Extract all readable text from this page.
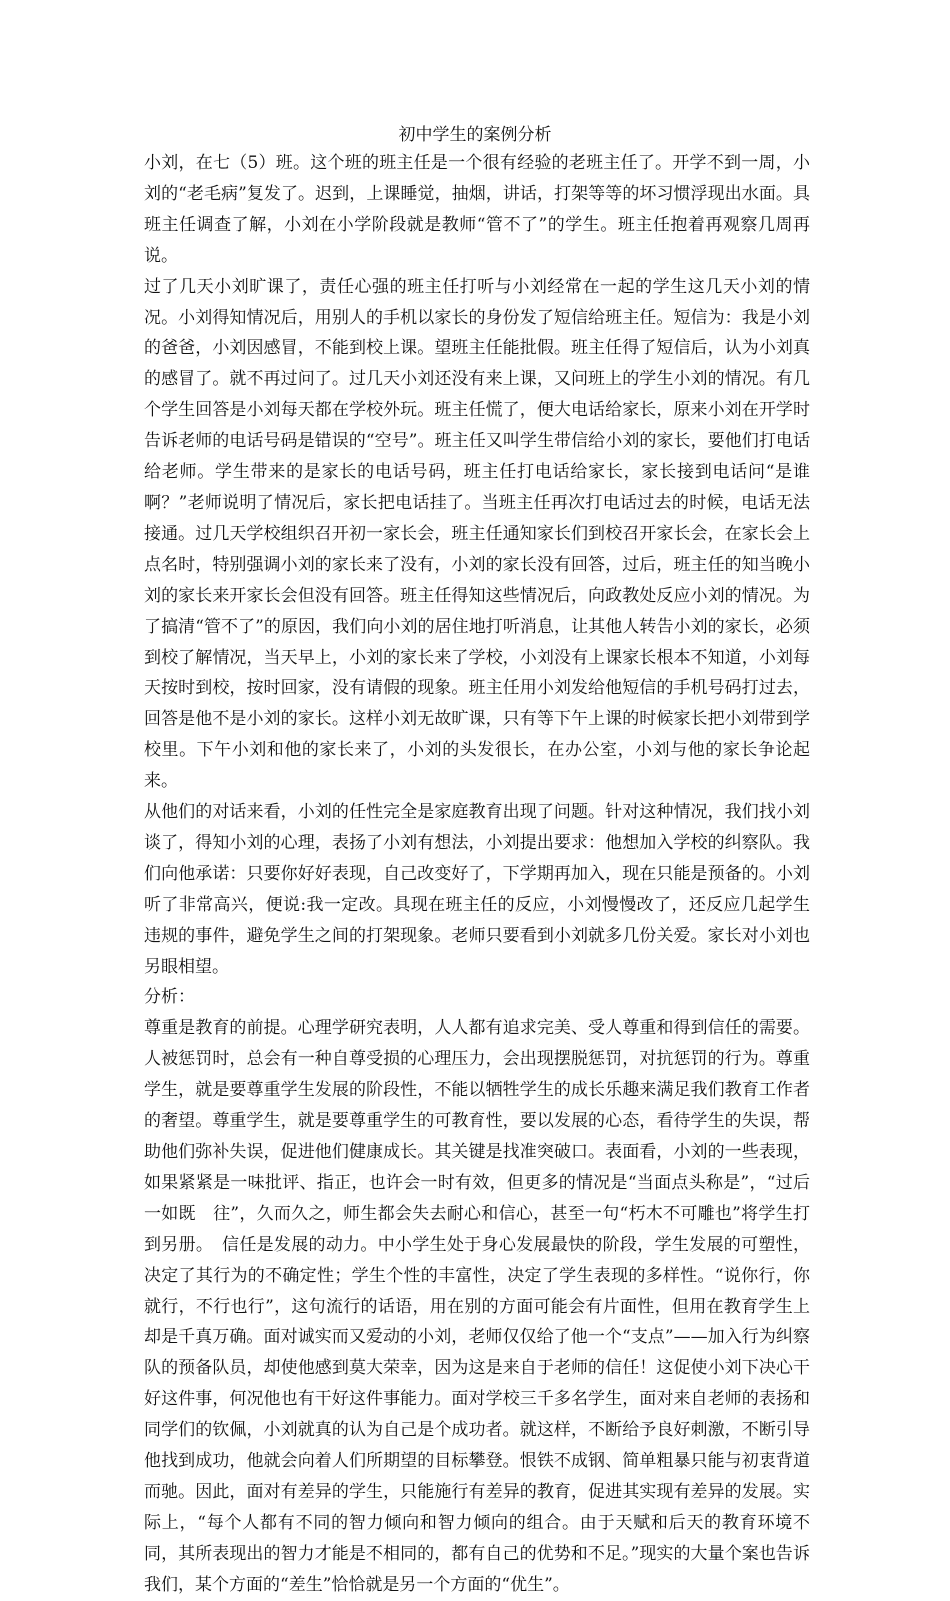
初中学生的案例分析

小刘，在七（5）班。这个班的班主任是一个很有经验的老班主任了。开学不到一周，小刘的“老毛病”复发了。迟到，上课睡觉，抽烟，讲话，打架等等的坏习惯浮现出水面。具班主任调查了解，小刘在小学阶段就是教师“管不了”的学生。班主任抱着再观察几周再说。

过了几天小刘旷课了，责任心强的班主任打听与小刘经常在一起的学生这几天小刘的情况。小刘得知情况后，用别人的手机以家长的身份发了短信给班主任。短信为：我是小刘的爸爸，小刘因感冒，不能到校上课。望班主任能批假。班主任得了短信后，认为小刘真的感冒了。就不再过问了。过几天小刘还没有来上课，又问班上的学生小刘的情况。有几个学生回答是小刘每天都在学校外玩。班主任慌了，便大电话给家长，原来小刘在开学时告诉老师的电话号码是错误的“空号”。班主任又叫学生带信给小刘的家长，要他们打电话给老师。学生带来的是家长的电话号码，班主任打电话给家长，家长接到电话问“是谁啊？”老师说明了情况后，家长把电话挂了。当班主任再次打电话过去的时候，电话无法接通。过几天学校组织召开初一家长会，班主任通知家长们到校召开家长会，在家长会上点名时，特别强调小刘的家长来了没有，小刘的家长没有回答，过后，班主任的知当晚小刘的家长来开家长会但没有回答。班主任得知这些情况后，向政教处反应小刘的情况。为了搞清“管不了”的原因，我们向小刘的居住地打听消息，让其他人转告小刘的家长，必须到校了解情况，当天早上，小刘的家长来了学校，小刘没有上课家长根本不知道，小刘每天按时到校，按时回家，没有请假的现象。班主任用小刘发给他短信的手机号码打过去，回答是他不是小刘的家长。这样小刘无故旷课，只有等下午上课的时候家长把小刘带到学校里。下午小刘和他的家长来了，小刘的头发很长，在办公室，小刘与他的家长争论起来。

从他们的对话来看，小刘的任性完全是家庭教育出现了问题。针对这种情况，我们找小刘谈了，得知小刘的心理，表扬了小刘有想法，小刘提出要求：他想加入学校的纠察队。我们向他承诺：只要你好好表现，自己改变好了，下学期再加入，现在只能是预备的。小刘听了非常高兴，便说:我一定改。具现在班主任的反应，小刘慢慢改了，还反应几起学生违规的事件，避免学生之间的打架现象。老师只要看到小刘就多几份关爱。家长对小刘也另眼相望。

分析：

尊重是教育的前提。心理学研究表明，人人都有追求完美、受人尊重和得到信任的需要。人被惩罚时，总会有一种自尊受损的心理压力，会出现摆脱惩罚，对抗惩罚的行为。尊重学生，就是要尊重学生发展的阶段性，不能以牺牲学生的成长乐趣来满足我们教育工作者的奢望。尊重学生，就是要尊重学生的可教育性，要以发展的心态，看待学生的失误，帮助他们弥补失误，促进他们健康成长。其关键是找准突破口。表面看，小刘的一些表现，如果紧紧是一味批评、指正，也许会一时有效，但更多的情况是“当面点头称是”，“过后一如既　往”，久而久之，师生都会失去耐心和信心，甚至一句“朽木不可雕也”将学生打到另册。　信任是发展的动力。中小学生处于身心发展最快的阶段，学生发展的可塑性，决定了其行为的不确定性；学生个性的丰富性，决定了学生表现的多样性。“说你行，你就行，不行也行”，这句流行的话语，用在别的方面可能会有片面性，但用在教育学生上却是千真万确。面对诚实而又爱动的小刘，老师仅仅给了他一个“支点”——加入行为纠察队的预备队员，却使他感到莫大荣幸，因为这是来自于老师的信任！这促使小刘下决心干好这件事，何况他也有干好这件事能力。面对学校三千多名学生，面对来自老师的表扬和同学们的钦佩，小刘就真的认为自己是个成功者。就这样，不断给予良好刺激，不断引导他找到成功，他就会向着人们所期望的目标攀登。恨铁不成钢、简单粗暴只能与初衷背道而驰。因此，面对有差异的学生，只能施行有差异的教育，促进其实现有差异的发展。实际上，“每个人都有不同的智力倾向和智力倾向的组合。由于天赋和后天的教育环境不同，其所表现出的智力才能是不相同的，都有自己的优势和不足。”现实的大量个案也告诉我们，某个方面的“差生”恰恰就是另一个方面的“优生”。
